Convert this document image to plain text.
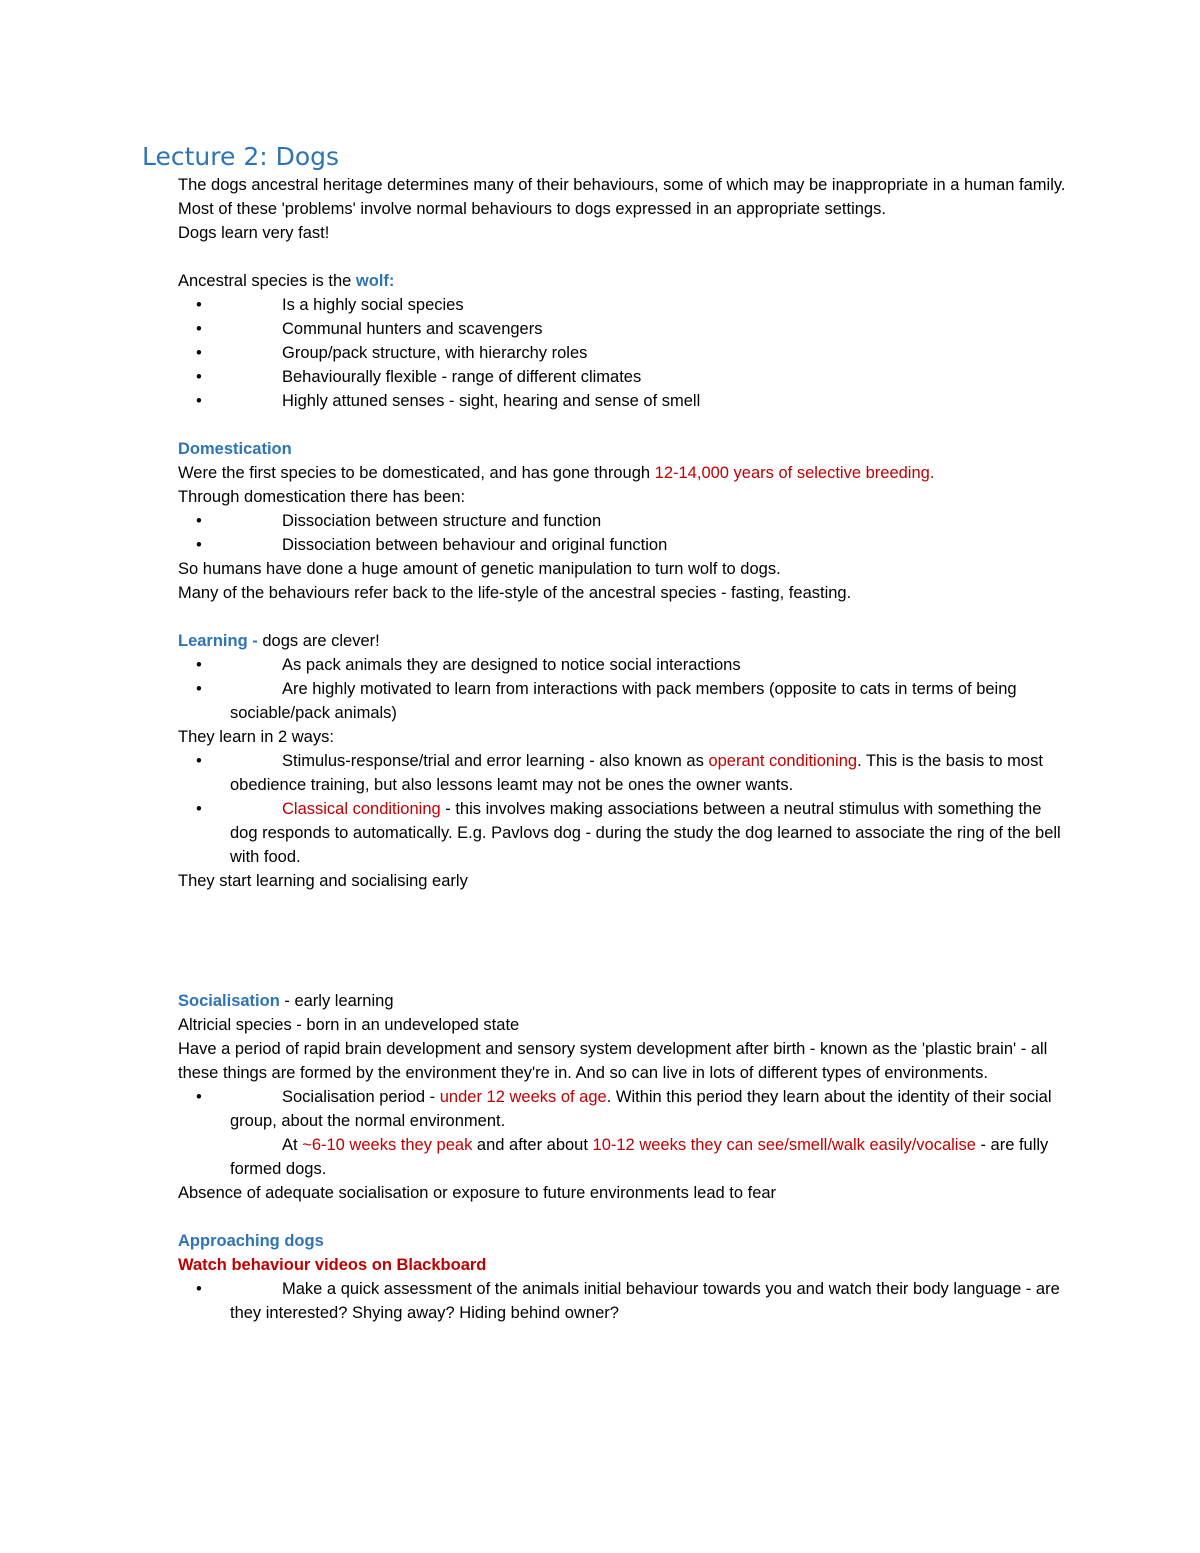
Lecture 2: Dogs

The dogs ancestral heritage determines many of their behaviours, some of which may be inappropriate in a human family.

Most of these 'problems' involve normal behaviours to dogs expressed in an appropriate settings.

Dogs learn very fast!

Ancestral species is the wolf:

•	Is a highly social species
•	Communal hunters and scavengers
•	Group/pack structure, with hierarchy roles
•	Behaviourally flexible - range of different climates
•	Highly attuned senses - sight, hearing and sense of smell

Domestication

Were the first species to be domesticated, and has gone through 12-14,000 years of selective breeding.

Through domestication there has been:

•	Dissociation between structure and function
•	Dissociation between behaviour and original function

So humans have done a huge amount of genetic manipulation to turn wolf to dogs.

Many of the behaviours refer back to the life-style of the ancestral species - fasting, feasting.

Learning - dogs are clever!

•	As pack animals they are designed to notice social interactions
•	Are highly motivated to learn from interactions with pack members (opposite to cats in terms of being sociable/pack animals)

They learn in 2 ways:

•	Stimulus-response/trial and error learning - also known as operant conditioning. This is the basis to most obedience training, but also lessons leamt may not be ones the owner wants.
•	Classical conditioning - this involves making associations between a neutral stimulus with something the dog responds to automatically. E.g. Pavlovs dog - during the study the dog learned to associate the ring of the bell with food.

They start learning and socialising early

Socialisation - early learning

Altricial species - born in an undeveloped state

Have a period of rapid brain development and sensory system development after birth - known as the 'plastic brain' - all these things are formed by the environment they're in. And so can live in lots of different types of environments.

•	Socialisation period - under 12 weeks of age. Within this period they learn about the identity of their social group, about the normal environment.
At ~6-10 weeks they peak and after about 10-12 weeks they can see/smell/walk easily/vocalise - are fully formed dogs.

Absence of adequate socialisation or exposure to future environments lead to fear

Approaching dogs

Watch behaviour videos on Blackboard

•	Make a quick assessment of the animals initial behaviour towards you and watch their body language - are they interested? Shying away? Hiding behind owner?
